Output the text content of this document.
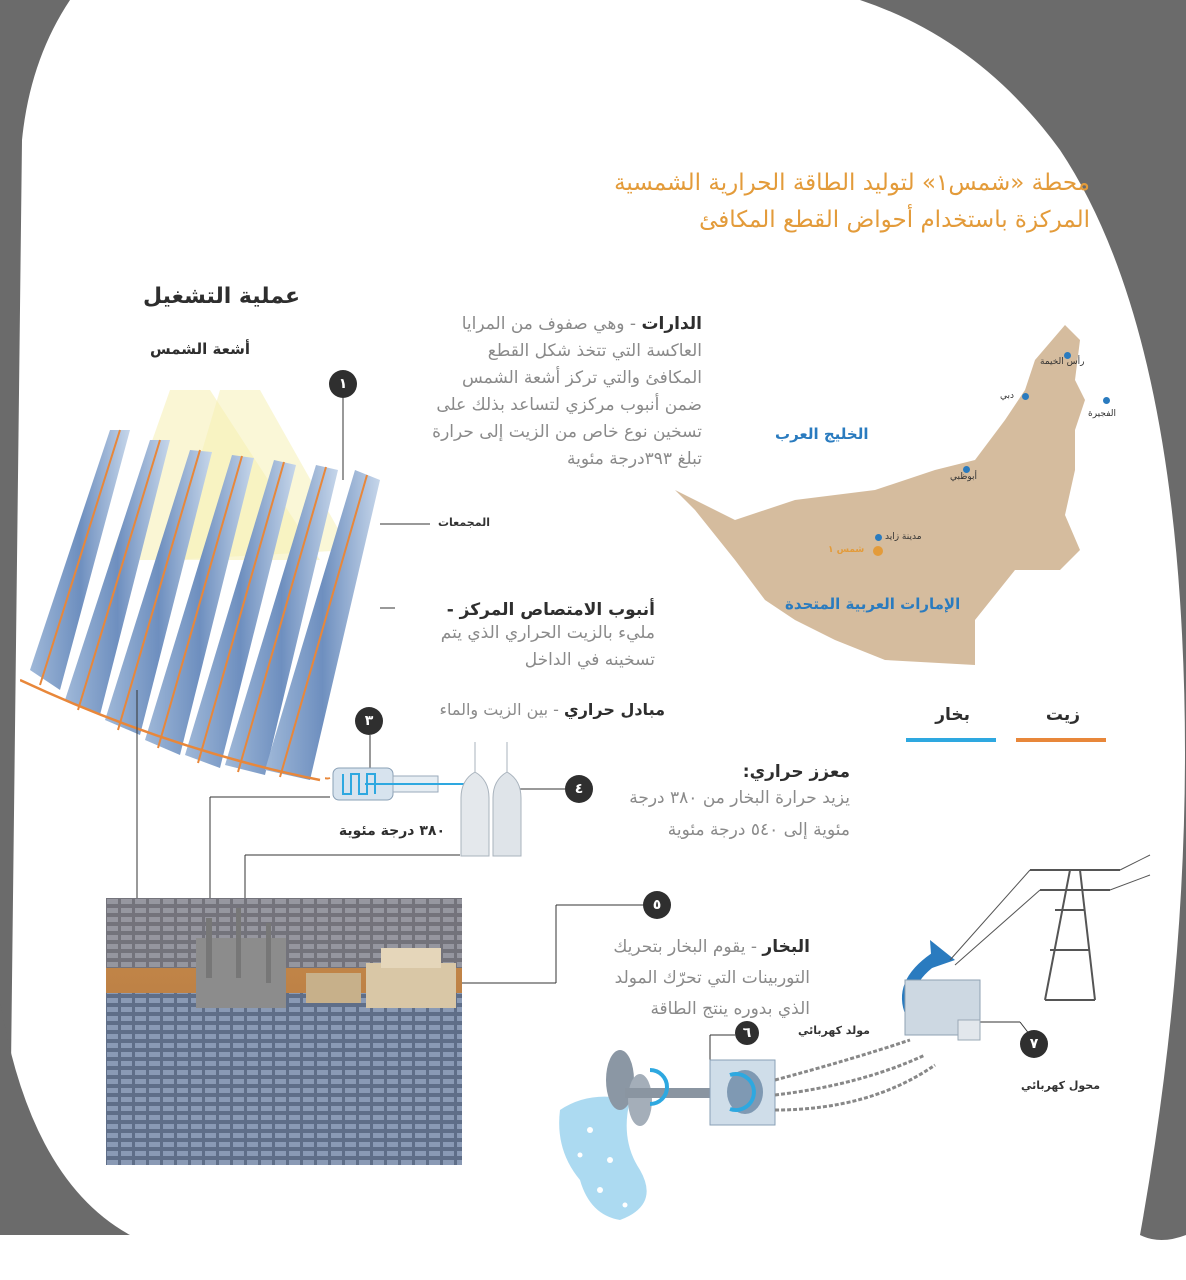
محطة «شمس١» لتوليد الطاقة الحرارية الشمسية
المركزة باستخدام أحواض القطع المكافئ
عملية التشغيل
أشعة الشمس
١
الدارات - وهي صفوف من المرايا
العاكسة التي تتخذ شكل القطع
المكافئ والتي تركز أشعة الشمس
ضمن أنبوب مركزي لتساعد بذلك على
تسخين نوع خاص من الزيت إلى حرارة
تبلغ ٣٩٣درجة مئوية
المجمعات
أنبوب الامتصاص المركز -
مليء بالزيت الحراري الذي يتم
تسخينه في الداخل
٣
مبادل حراري - بين الزيت والماء
٣٨٠ درجة مئوية
٤
معزز حراري:
يزيد حرارة البخار من ٣٨٠ درجة
مئوية إلى ٥٤٠ درجة مئوية
٥
البخار - يقوم البخار بتحريك
التوربينات التي تحرّك المولد
الذي بدوره ينتج الطاقة
٦	مولد كهربائي
٧
محول كهربائي
الخليج العرب
الإمارات العربية المتحدة
رأس الخيمة
دبي
الفجيرة
أبوظبي
مدينة زايد
شمس ١
زيت
بخار
